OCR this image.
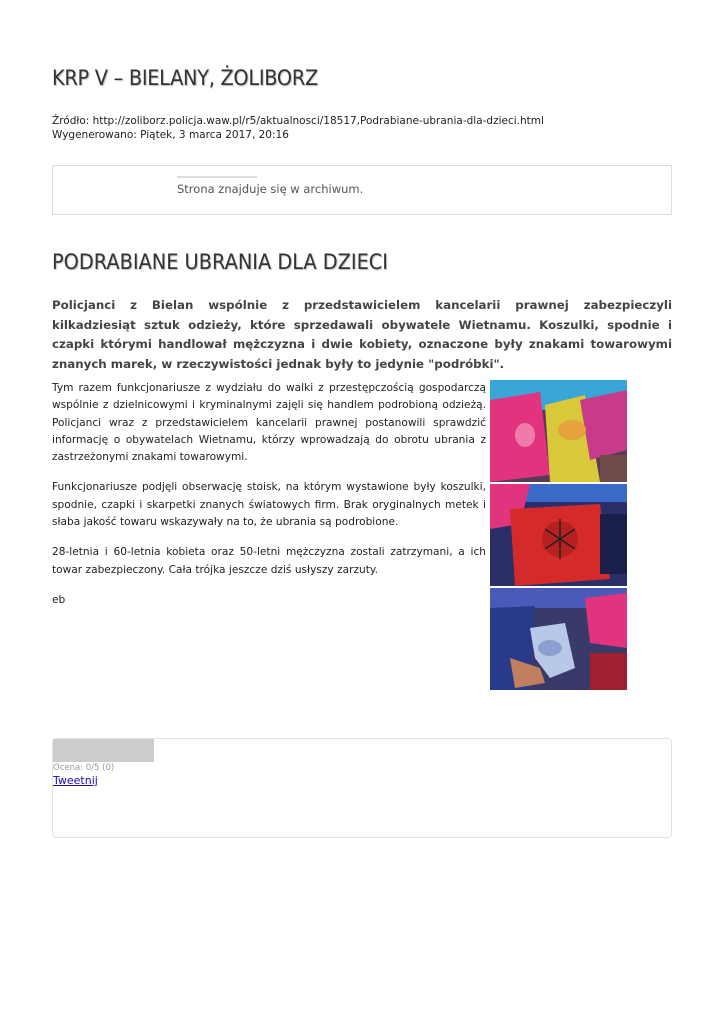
KRP V – BIELANY, ŻOLIBORZ
Źródło: http://zoliborz.policja.waw.pl/r5/aktualnosci/18517,Podrabiane-ubrania-dla-dzieci.html
Wygenerowano: Piątek, 3 marca 2017, 20:16
Strona znajduje się w archiwum.
PODRABIANE UBRANIA DLA DZIECI

Policjanci z Bielan wspólnie z przedstawicielem kancelarii prawnej zabezpieczyli kilkadziesiąt sztuk odzieży, które sprzedawali obywatele Wietnamu. Koszulki, spodnie i czapki którymi handlował mężczyzna i dwie kobiety, oznaczone były znakami towarowymi znanych marek, w rzeczywistości jednak były to jedynie "podróbki".

Tym razem funkcjonariusze z wydziału do walki z przestępczością gospodarczą wspólnie z dzielnicowymi i kryminalnymi zajęli się handlem podrobioną odzieżą. Policjanci wraz z przedstawicielem kancelarii prawnej postanowili sprawdzić informację o obywatelach Wietnamu, którzy wprowadzają do obrotu ubrania z zastrzeżonymi znakami towarowymi.

Funkcjonariusze podjęli obserwację stoisk, na którym wystawione były koszulki, spodnie, czapki i skarpetki znanych światowych firm. Brak oryginalnych metek i słaba jakość towaru wskazywały na to, że ubrania są podrobione.

28-letnia i 60-letnia kobieta oraz 50-letni mężczyzna zostali zatrzymani, a ich towar zabezpieczony. Cała trójka jeszcze dziś usłyszy zarzuty.

eb

Ocena: 0/5 (0)
Tweetnij
